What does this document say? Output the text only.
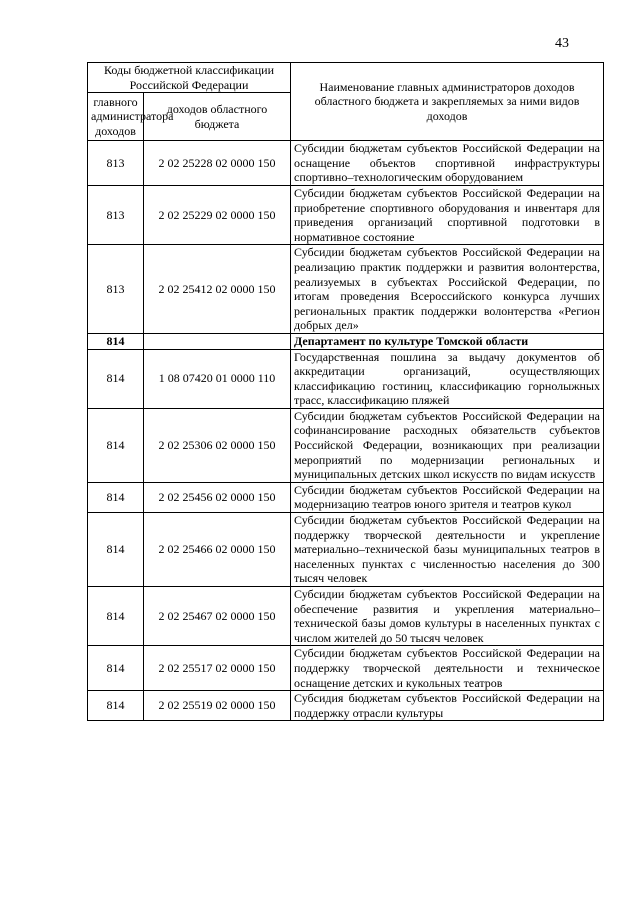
43
Коды бюджетной классификации Российской Федерации		Наименование главных администраторов доходов областного бюджета и закрепляемых за ними видов доходов
главного администратора доходов	доходов областного бюджета	
813	2 02 25228 02 0000 150	Субсидии бюджетам субъектов Российской Федерации на оснащение объектов спортивной инфраструктуры спортивно–технологическим оборудованием
813	2 02 25229 02 0000 150	Субсидии бюджетам субъектов Российской Федерации на приобретение спортивного оборудования и инвентаря для приведения организаций спортивной подготовки в нормативное состояние
813	2 02 25412 02 0000 150	Субсидии бюджетам субъектов Российской Федерации на реализацию практик поддержки и развития волонтерства, реализуемых в субъектах Российской Федерации, по итогам проведения Всероссийского конкурса лучших региональных практик поддержки волонтерства «Регион добрых дел»
814		Департамент по культуре Томской области
814	1 08 07420 01 0000 110	Государственная пошлина за выдачу документов об аккредитации организаций, осуществляющих классификацию гостиниц, классификацию горнолыжных трасс, классификацию пляжей
814	2 02 25306 02 0000 150	Субсидии бюджетам субъектов Российской Федерации на софинансирование расходных обязательств субъектов Российской Федерации, возникающих при реализации мероприятий по модернизации региональных и муниципальных детских школ искусств по видам искусств
814	2 02 25456 02 0000 150	Субсидии бюджетам субъектов Российской Федерации на модернизацию театров юного зрителя и театров кукол
814	2 02 25466 02 0000 150	Субсидии бюджетам субъектов Российской Федерации на поддержку творческой деятельности и укрепление материально–технической базы муниципальных театров в населенных пунктах с численностью населения до 300 тысяч человек
814	2 02 25467 02 0000 150	Субсидии бюджетам субъектов Российской Федерации на обеспечение развития и укрепления материально–технической базы домов культуры в населенных пунктах с числом жителей до 50 тысяч человек
814	2 02 25517 02 0000 150	Субсидии бюджетам субъектов Российской Федерации на поддержку творческой деятельности и техническое оснащение детских и кукольных театров
814	2 02 25519 02 0000 150	Субсидия бюджетам субъектов Российской Федерации на поддержку отрасли культуры
